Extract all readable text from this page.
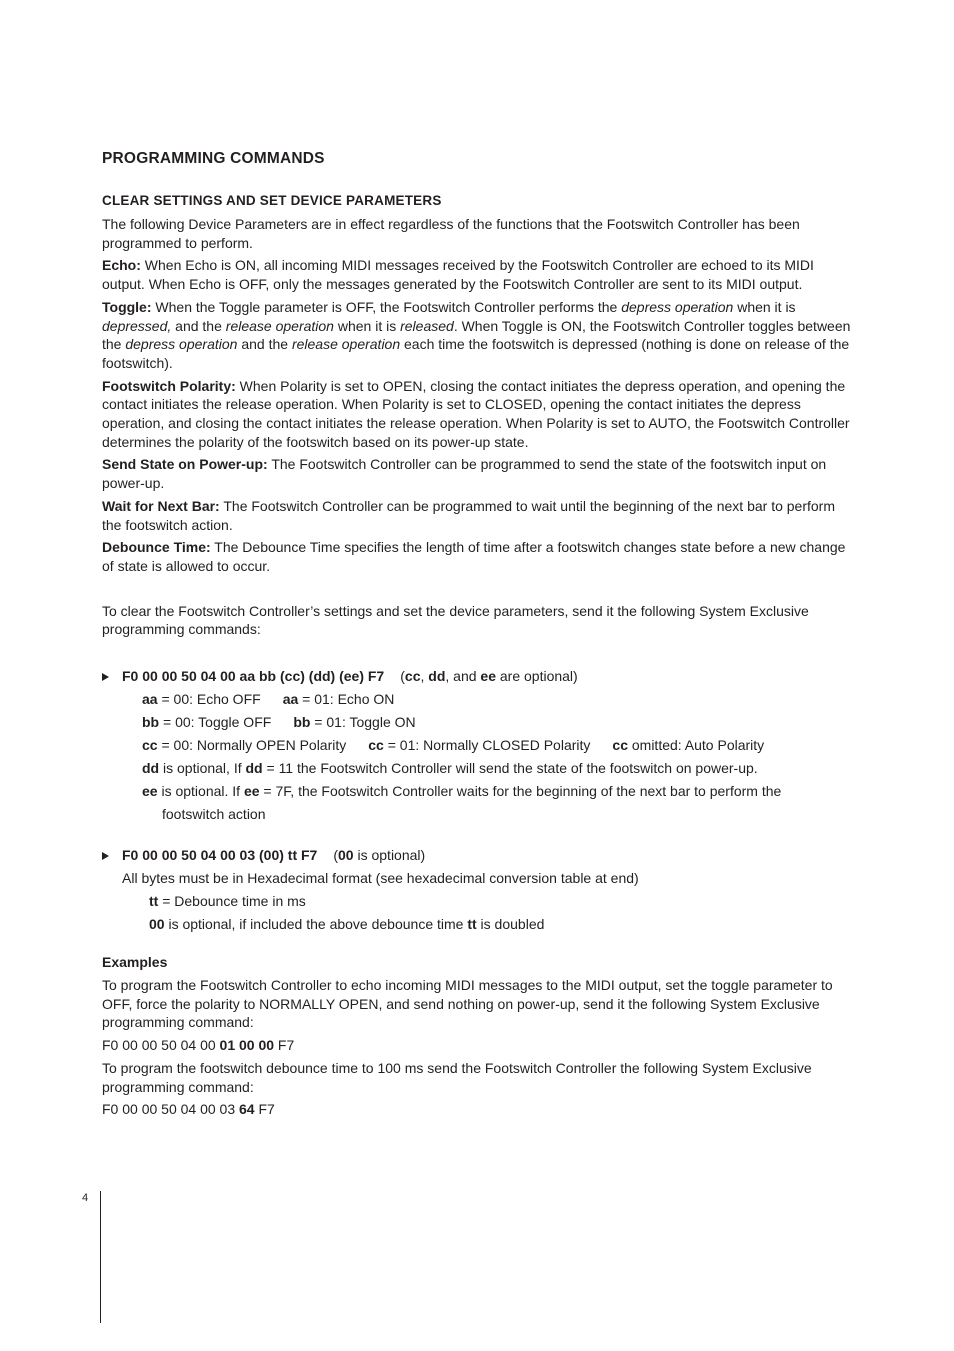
PROGRAMMING COMMANDS
CLEAR SETTINGS AND SET DEVICE PARAMETERS

The following Device Parameters are in effect regardless of the functions that the Footswitch Controller has been programmed to perform.

Echo: When Echo is ON, all incoming MIDI messages received by the Footswitch Controller are echoed to its MIDI output. When Echo is OFF, only the messages generated by the Footswitch Controller are sent to its MIDI output.

Toggle: When the Toggle parameter is OFF, the Footswitch Controller performs the depress operation when it is depressed, and the release operation when it is released. When Toggle is ON, the Footswitch Controller toggles between the depress operation and the release operation each time the footswitch is depressed (nothing is done on release of the footswitch).

Footswitch Polarity: When Polarity is set to OPEN, closing the contact initiates the depress operation, and opening the contact initiates the release operation. When Polarity is set to CLOSED, opening the contact initiates the depress operation, and closing the contact initiates the release operation. When Polarity is set to AUTO, the Footswitch Controller determines the polarity of the footswitch based on its power-up state.

Send State on Power-up: The Footswitch Controller can be programmed to send the state of the footswitch input on power-up.

Wait for Next Bar: The Footswitch Controller can be programmed to wait until the beginning of the next bar to perform the footswitch action.

Debounce Time: The Debounce Time specifies the length of time after a footswitch changes state before a new change of state is allowed to occur.

To clear the Footswitch Controller’s settings and set the device parameters, send it the following System Exclusive programming commands:

F0 00 00 50 04 00 aa bb (cc) (dd) (ee) F7 (cc, dd, and ee are optional)
aa = 00: Echo OFF aa = 01: Echo ON
bb = 00: Toggle OFF bb = 01: Toggle ON
cc = 00: Normally OPEN Polarity cc = 01: Normally CLOSED Polarity cc omitted: Auto Polarity
dd is optional, If dd = 11 the Footswitch Controller will send the state of the footswitch on power-up.
ee is optional. If ee = 7F, the Footswitch Controller waits for the beginning of the next bar to perform the
footswitch action
F0 00 00 50 04 00 03 (00) tt F7 (00 is optional)
All bytes must be in Hexadecimal format (see hexadecimal conversion table at end)
tt = Debounce time in ms
00 is optional, if included the above debounce time tt is doubled
Examples

To program the Footswitch Controller to echo incoming MIDI messages to the MIDI output, set the toggle parameter to OFF, force the polarity to NORMALLY OPEN, and send nothing on power-up, send it the following System Exclusive programming command:

F0 00 00 50 04 00 01 00 00 F7

To program the footswitch debounce time to 100 ms send the Footswitch Controller the following System Exclusive programming command:

F0 00 00 50 04 00 03 64 F7

4
